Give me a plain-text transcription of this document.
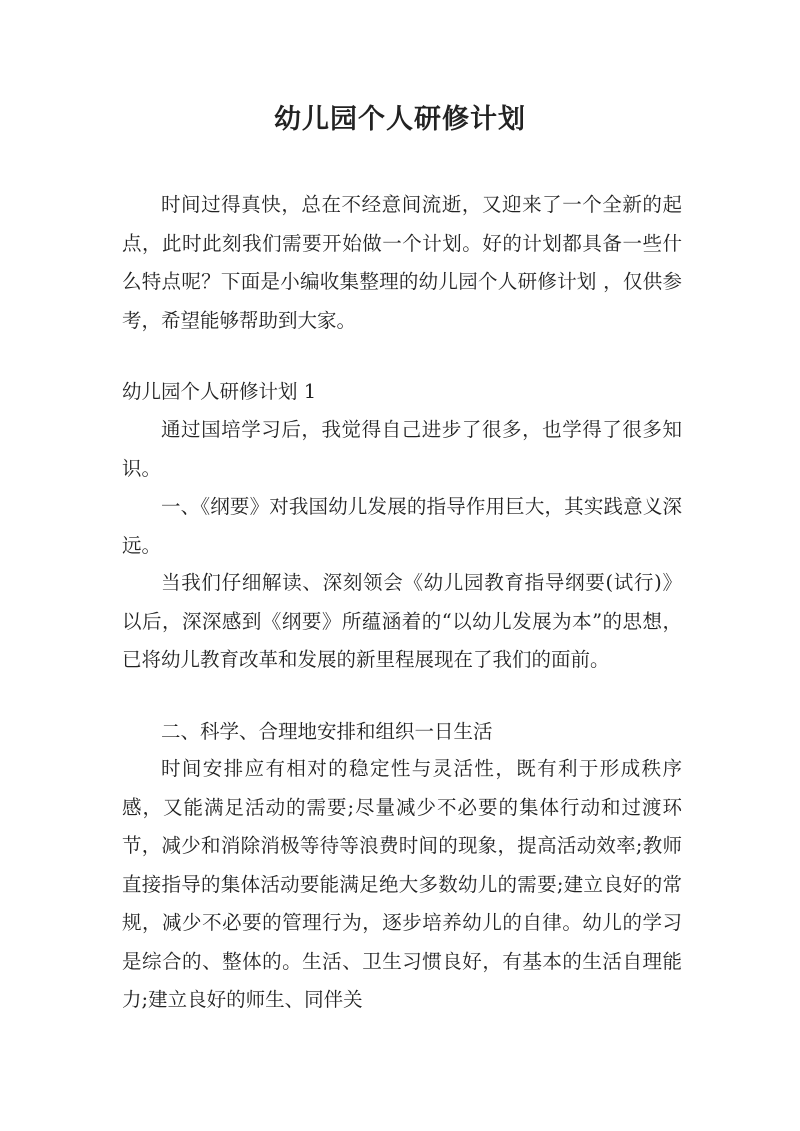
幼儿园个人研修计划

时间过得真快，总在不经意间流逝，又迎来了一个全新的起点，此时此刻我们需要开始做一个计划。好的计划都具备一些什么特点呢？下面是小编收集整理的幼儿园个人研修计划 ，仅供参考，希望能够帮助到大家。

幼儿园个人研修计划 1

通过国培学习后，我觉得自己进步了很多，也学得了很多知识。

一、《纲要》对我国幼儿发展的指导作用巨大，其实践意义深远。

当我们仔细解读、深刻领会《幼儿园教育指导纲要(试行)》以后，深深感到《纲要》所蕴涵着的“以幼儿发展为本”的思想，已将幼儿教育改革和发展的新里程展现在了我们的面前。

二、科学、合理地安排和组织一日生活

时间安排应有相对的稳定性与灵活性，既有利于形成秩序感，又能满足活动的需要;尽量减少不必要的集体行动和过渡环节，减少和消除消极等待等浪费时间的现象，提高活动效率;教师直接指导的集体活动要能满足绝大多数幼儿的需要;建立良好的常规，减少不必要的管理行为，逐步培养幼儿的自律。幼儿的学习是综合的、整体的。生活、卫生习惯良好，有基本的生活自理能力;建立良好的师生、同伴关
